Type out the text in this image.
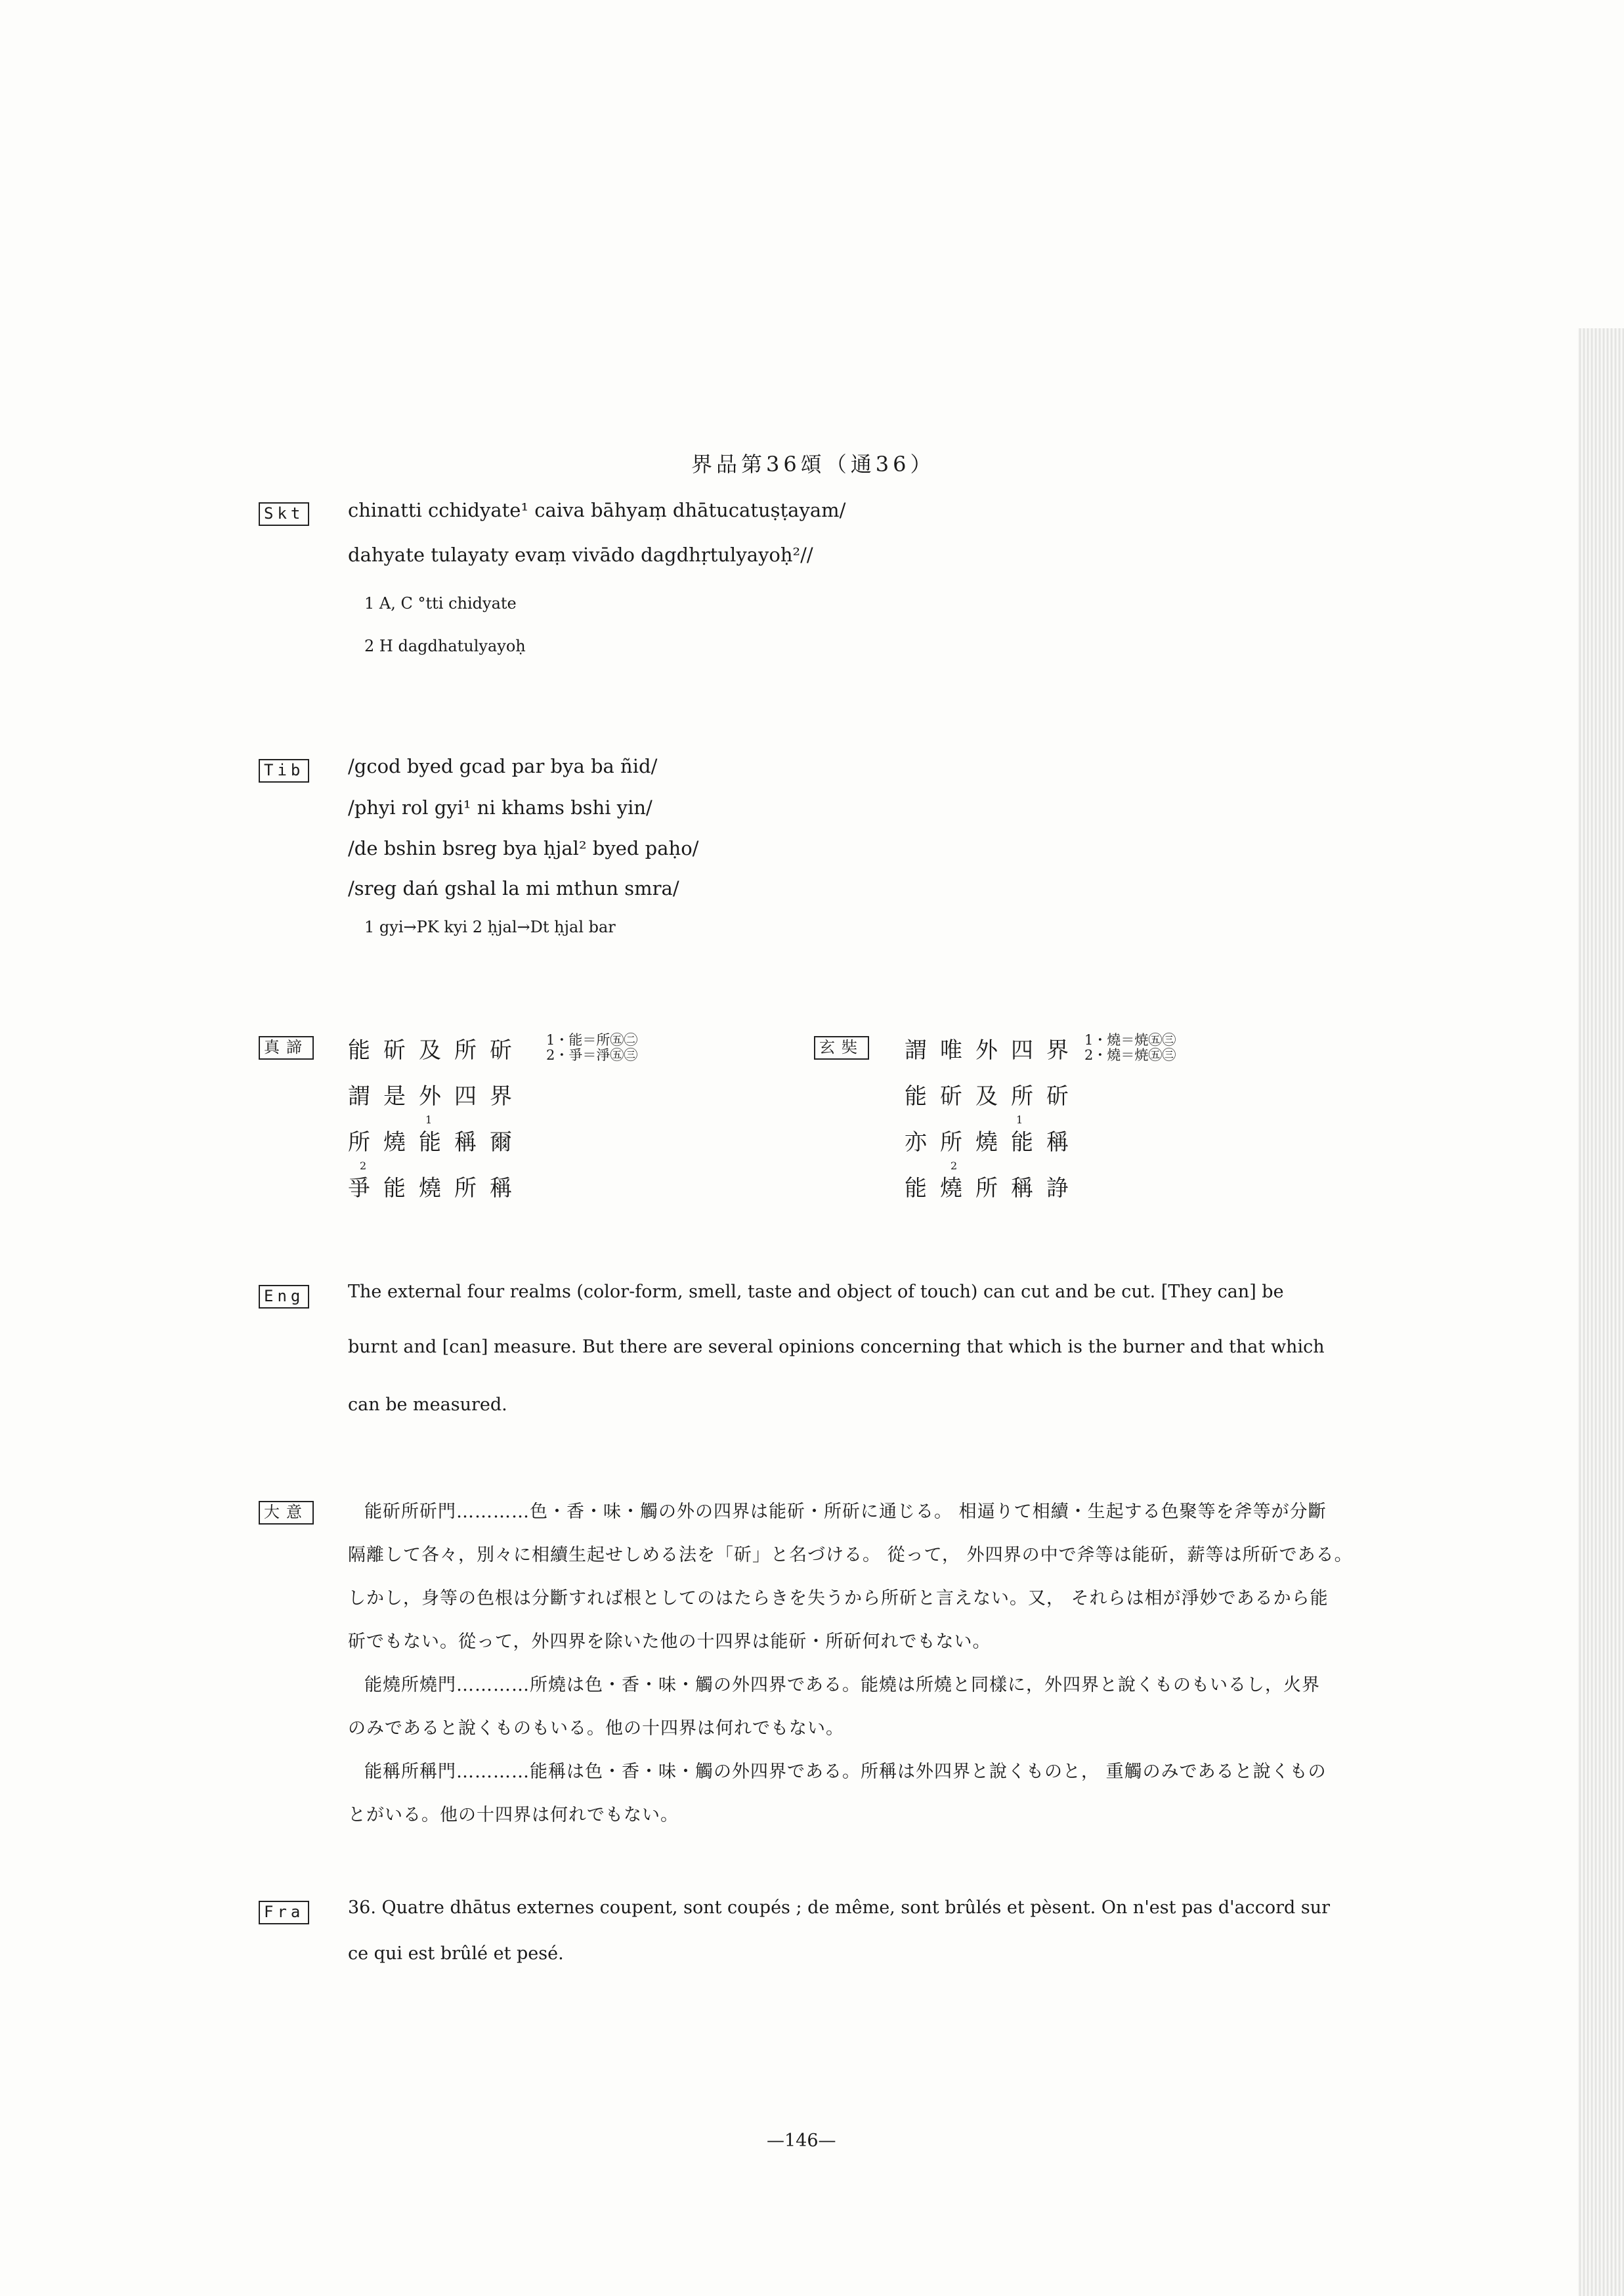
界品第36頌（通36）
Skt chinatti cchidyate¹ caiva bāhyaṃ dhātucatuṣṭayam/
dahyate tulayaty evaṃ vivādo dagdhṛtulyayoḥ²//
1 A, C °tti chidyate
2 H dagdhatulyayoḥ
Tib /gcod byed gcad par bya ba ñid/
/phyi rol gyi¹ ni khams bshi yin/
/de bshin bsreg bya ḥjal² byed paḥo/
/sreg dań gshal la mi mthun smra/
1 gyi→PK kyi 2 ḥjal→Dt ḥjal bar
真諦 能斫及所斫
謂是外四界
所燒能稱爾
爭能燒所稱
1
2
1・能＝所㊄㊁
2・爭＝淨㊄㊂	玄奘 謂唯外四界
能斫及所斫
亦所燒能稱
能燒所稱諍
1
2
1・燒＝焼㊄㊂
2・燒＝焼㊄㊂
Eng The external four realms (color-form, smell, taste and object of touch) can cut and be cut. [They can] be
burnt and [can] measure. But there are several opinions concerning that which is the burner and that which
can be measured.
大意	能斫所斫門…………色・香・味・觸の外の四界は能斫・所斫に通じる。 相逼りて相續・生起する色聚等を斧等が分斷
隔離して各々，別々に相續生起せしめる法を「斫」と名づける。 從って， 外四界の中で斧等は能斫，薪等は所斫である。
しかし，身等の色根は分斷すれば根としてのはたらきを失うから所斫と言えない。又， それらは相が淨妙であるから能
斫でもない。從って，外四界を除いた他の十四界は能斫・所斫何れでもない。
能燒所燒門…………所燒は色・香・味・觸の外四界である。能燒は所燒と同樣に，外四界と說くものもいるし，火界
のみであると說くものもいる。他の十四界は何れでもない。
能稱所稱門…………能稱は色・香・味・觸の外四界である。所稱は外四界と說くものと， 重觸のみであると說くもの
とがいる。他の十四界は何れでもない。
Fra 36. Quatre dhātus externes coupent, sont coupés ; de même, sont brûlés et pèsent. On n'est pas d'accord sur
ce qui est brûlé et pesé.
—146—
